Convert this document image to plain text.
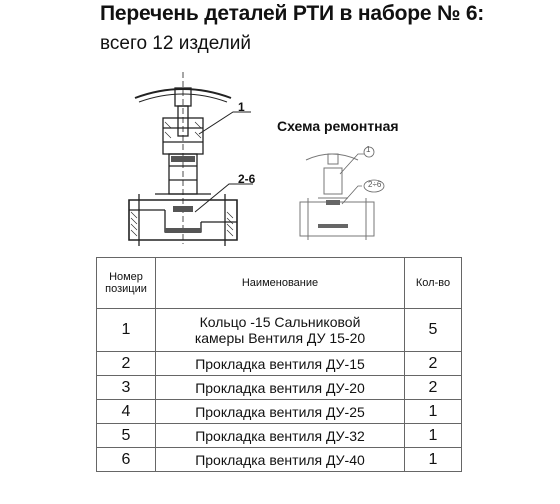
Перечень деталей РТИ в наборе № 6:
всего 12 изделий
1
2-6
Схема ремонтная
1
2÷6
Номер позиции	Наименование	Кол-во
1	Кольцо -15 Сальниковой камеры Вентиля ДУ 15-20	5
2	Прокладка вентиля ДУ-15	2
3	Прокладка вентиля ДУ-20	2
4	Прокладка вентиля ДУ-25	1
5	Прокладка вентиля ДУ-32	1
6	Прокладка вентиля ДУ-40	1
